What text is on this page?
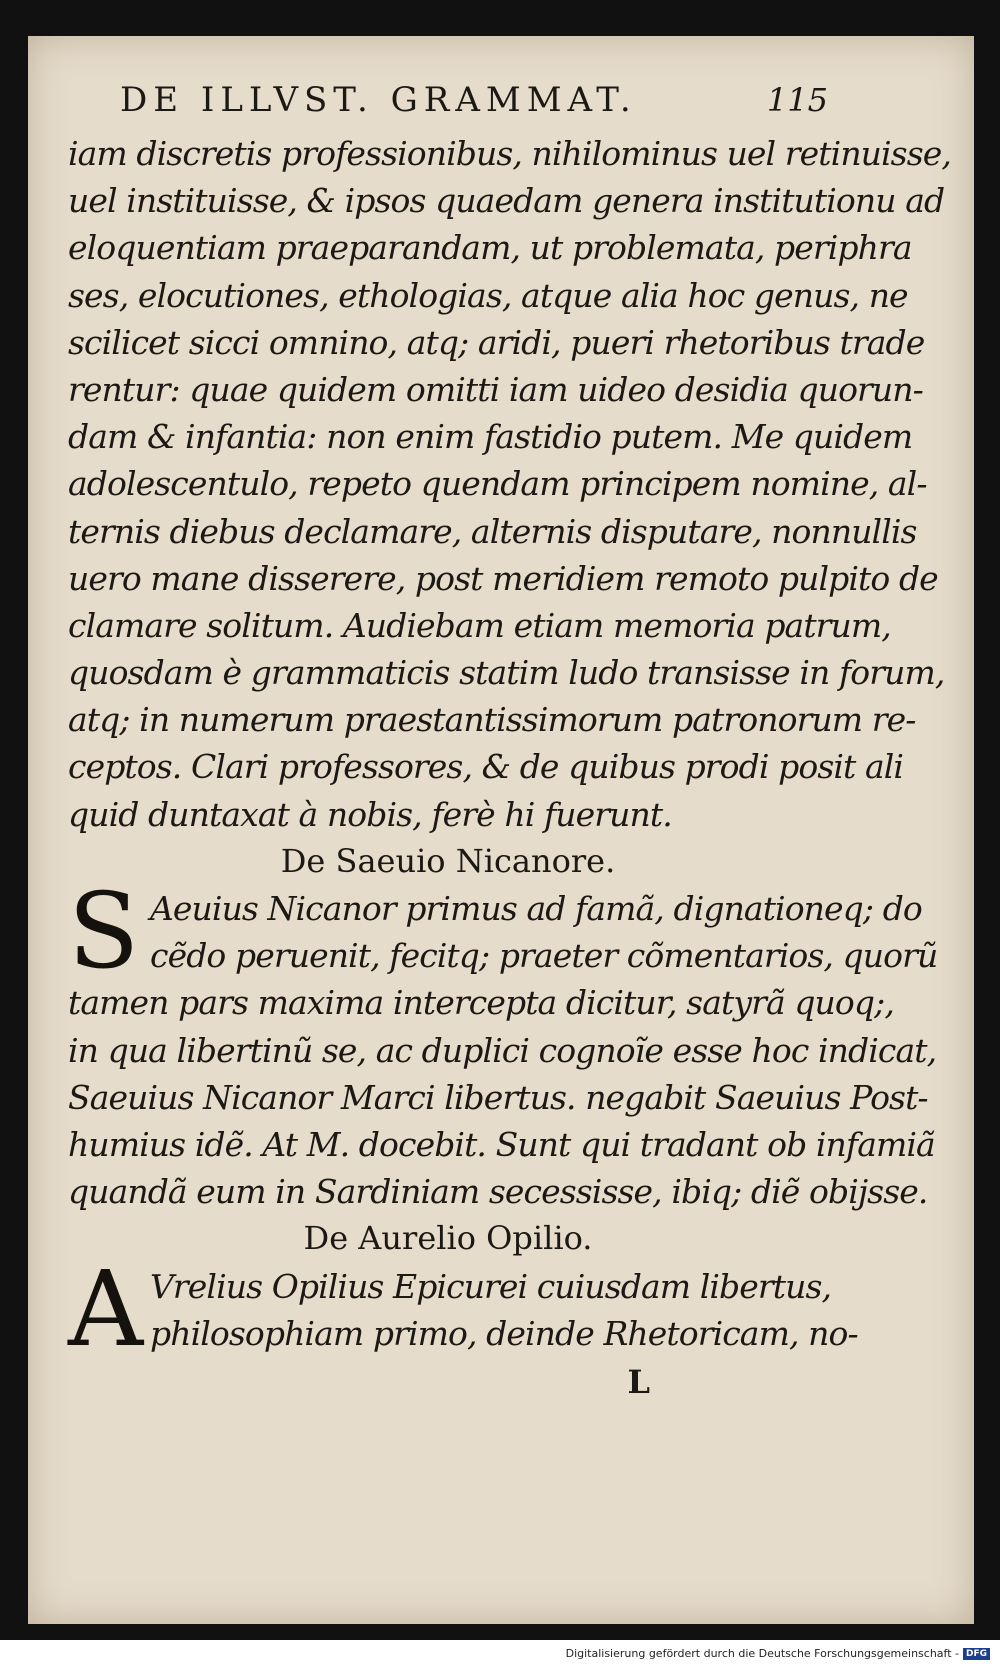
DE ILLVST. GRAMMAT.	115
iam discretis professionibus, nihilominus uel retinuisse,
uel instituisse, & ipsos quaedam genera institutionu ad
eloquentiam praeparandam, ut problemata, periphra
ses, elocutiones, ethologias, atque alia hoc genus, ne
scilicet sicci omnino, atq; aridi, pueri rhetoribus trade
rentur: quae quidem omitti iam uideo desidia quorun-
dam & infantia: non enim fastidio putem. Me quidem
adolescentulo, repeto quendam principem nomine, al-
ternis diebus declamare, alternis disputare, nonnullis
uero mane disserere, post meridiem remoto pulpito de
clamare solitum. Audiebam etiam memoria patrum,
quosdam è grammaticis statim ludo transisse in forum,
atq; in numerum praestantissimorum patronorum re-
ceptos. Clari professores, & de quibus prodi posit ali
quid duntaxat à nobis, ferè hi fuerunt.
De Saeuio Nicanore.
S Aeuius Nicanor primus ad famã, dignationeq; do
cẽdo peruenit, fecitq; praeter cõmentarios, quorũ
tamen pars maxima intercepta dicitur, satyrã quoq;,
in qua libertinũ se, ac duplici cognoĩe esse hoc indicat,
Saeuius Nicanor Marci libertus. negabit Saeuius Post-
humius idẽ. At M. docebit. Sunt qui tradant ob infamiã
quandã eum in Sardiniam secessisse, ibiq; diẽ obijsse.
De Aurelio Opilio.
A Vrelius Opilius Epicurei cuiusdam libertus,
philosophiam primo, deinde Rhetoricam, no-
L
Digitalisierung gefördert durch die Deutsche Forschungsgemeinschaft - DFG
